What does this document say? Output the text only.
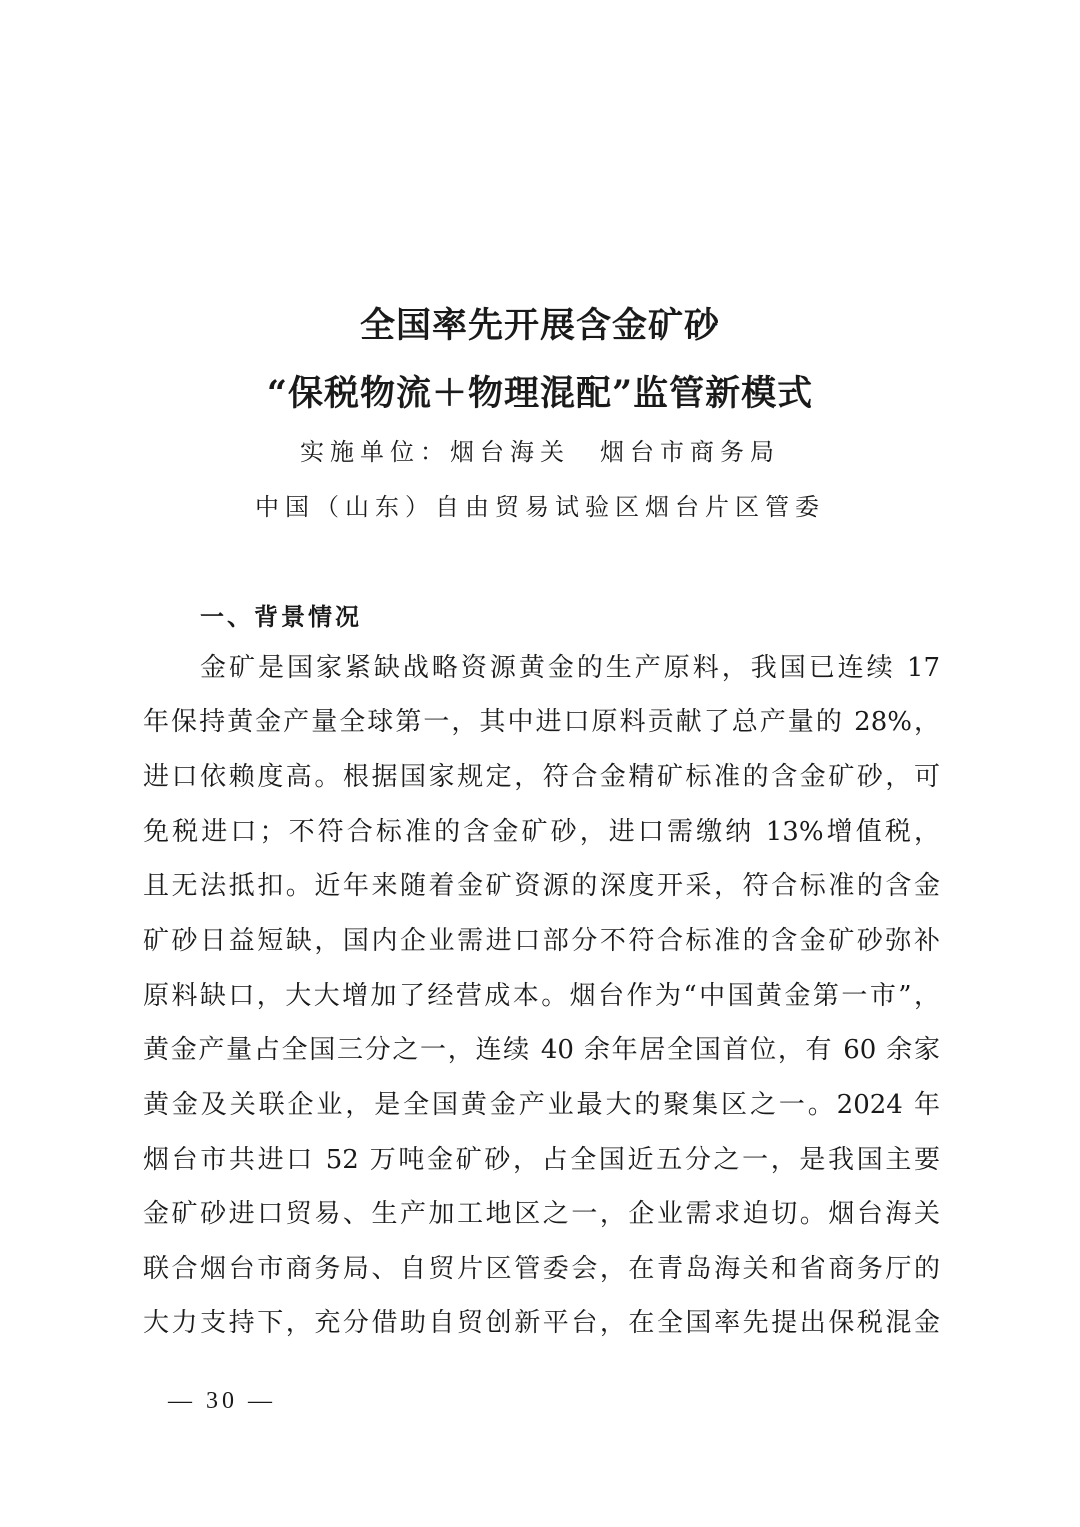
全国率先开展含金矿砂
“保税物流＋物理混配”监管新模式
实施单位：烟台海关　烟台市商务局
中国（山东）自由贸易试验区烟台片区管委
一、背景情况
金矿是国家紧缺战略资源黄金的生产原料，我国已连续 17
年保持黄金产量全球第一，其中进口原料贡献了总产量的 28%，
进口依赖度高。根据国家规定，符合金精矿标准的含金矿砂，可
免税进口；不符合标准的含金矿砂，进口需缴纳 13%增值税，
且无法抵扣。近年来随着金矿资源的深度开采，符合标准的含金
矿砂日益短缺，国内企业需进口部分不符合标准的含金矿砂弥补
原料缺口，大大增加了经营成本。烟台作为“中国黄金第一市”，
黄金产量占全国三分之一，连续 40 余年居全国首位，有 60 余家
黄金及关联企业，是全国黄金产业最大的聚集区之一。2024 年
烟台市共进口 52 万吨金矿砂，占全国近五分之一，是我国主要
金矿砂进口贸易、生产加工地区之一，企业需求迫切。烟台海关
联合烟台市商务局、自贸片区管委会，在青岛海关和省商务厅的
大力支持下，充分借助自贸创新平台，在全国率先提出保税混金
— 30 —
